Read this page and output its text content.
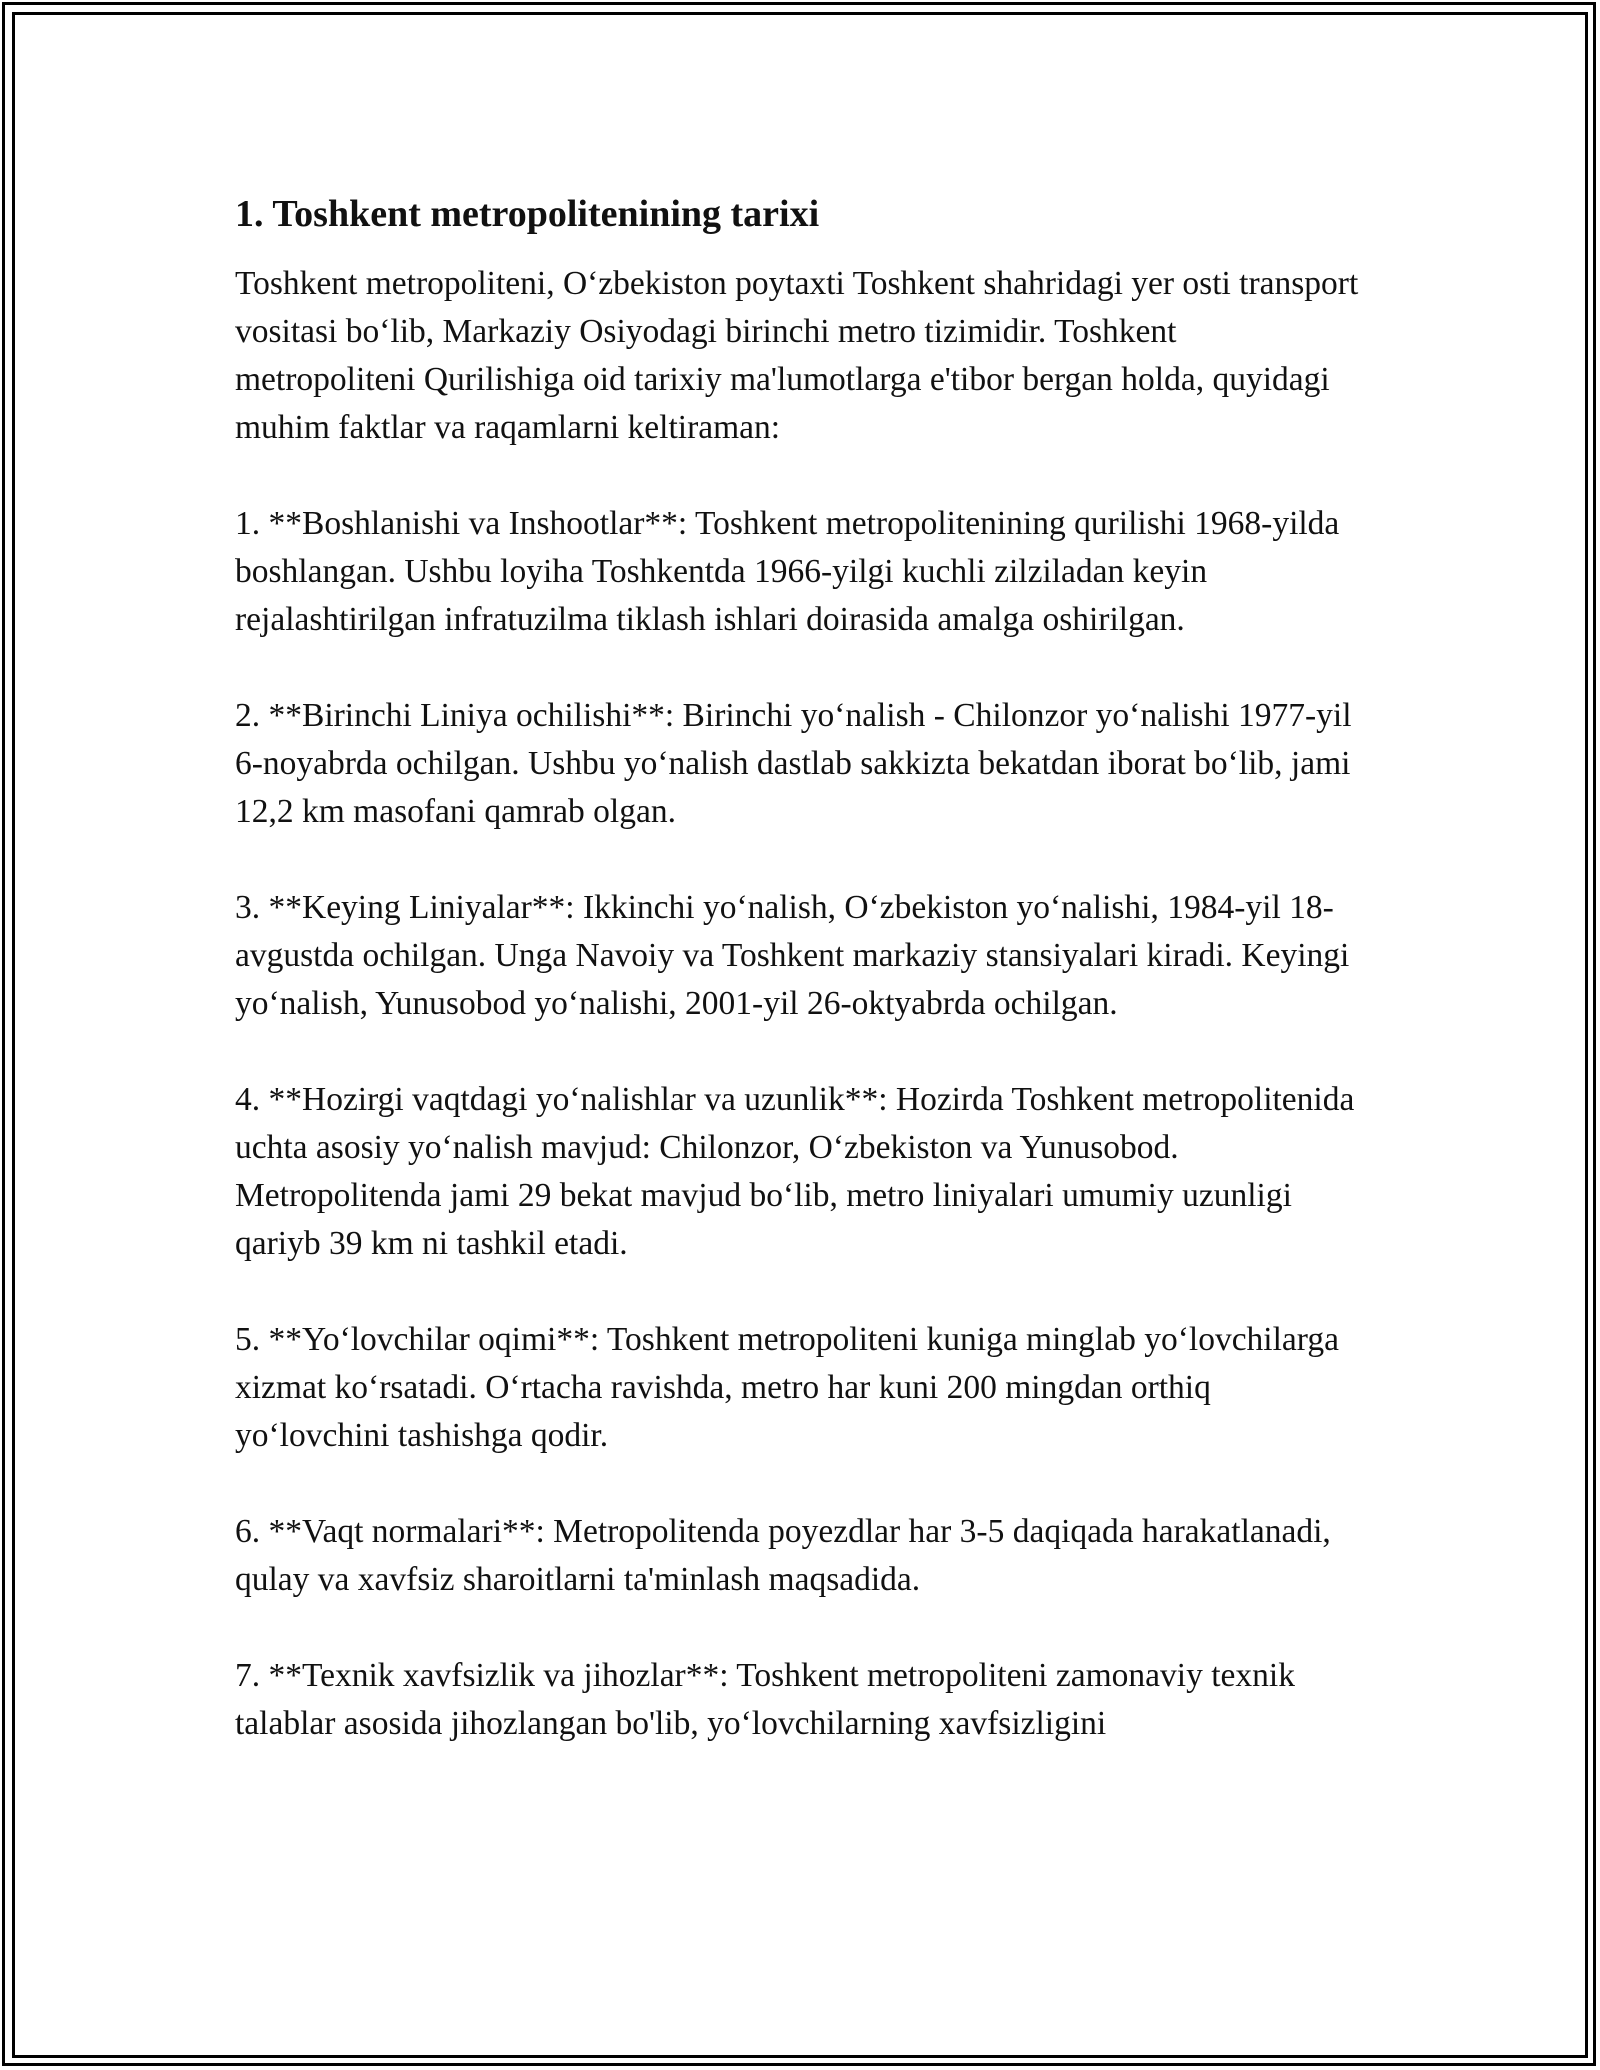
1. Toshkent metropolitenining tarixi

Toshkent metropoliteni, O‘zbekiston poytaxti Toshkent shahridagi yer osti transport vositasi bo‘lib, Markaziy Osiyodagi birinchi metro tizimidir. Toshkent metropoliteni Qurilishiga oid tarixiy ma'lumotlarga e'tibor bergan holda, quyidagi muhim faktlar va raqamlarni keltiraman:

1. **Boshlanishi va Inshootlar**: Toshkent metropolitenining qurilishi 1968-yilda boshlangan. Ushbu loyiha Toshkentda 1966-yilgi kuchli zilziladan keyin rejalashtirilgan infratuzilma tiklash ishlari doirasida amalga oshirilgan.

2. **Birinchi Liniya ochilishi**: Birinchi yo‘nalish - Chilonzor yo‘nalishi 1977-yil 6-noyabrda ochilgan. Ushbu yo‘nalish dastlab sakkizta bekatdan iborat bo‘lib, jami 12,2 km masofani qamrab olgan.

3. **Keying Liniyalar**: Ikkinchi yo‘nalish, O‘zbekiston yo‘nalishi, 1984-yil 18-avgustda ochilgan. Unga Navoiy va Toshkent markaziy stansiyalari kiradi. Keyingi yo‘nalish, Yunusobod yo‘nalishi, 2001-yil 26-oktyabrda ochilgan.

4. **Hozirgi vaqtdagi yo‘nalishlar va uzunlik**: Hozirda Toshkent metropolitenida uchta asosiy yo‘nalish mavjud: Chilonzor, O‘zbekiston va Yunusobod. Metropolitenda jami 29 bekat mavjud bo‘lib, metro liniyalari umumiy uzunligi qariyb 39 km ni tashkil etadi.

5. **Yo‘lovchilar oqimi**: Toshkent metropoliteni kuniga minglab yo‘lovchilarga xizmat ko‘rsatadi. O‘rtacha ravishda, metro har kuni 200 mingdan orthiq yo‘lovchini tashishga qodir.

6. **Vaqt normalari**: Metropolitenda poyezdlar har 3-5 daqiqada harakatlanadi, qulay va xavfsiz sharoitlarni ta'minlash maqsadida.

7. **Texnik xavfsizlik va jihozlar**: Toshkent metropoliteni zamonaviy texnik talablar asosida jihozlangan bo'lib, yo‘lovchilarning xavfsizligini
